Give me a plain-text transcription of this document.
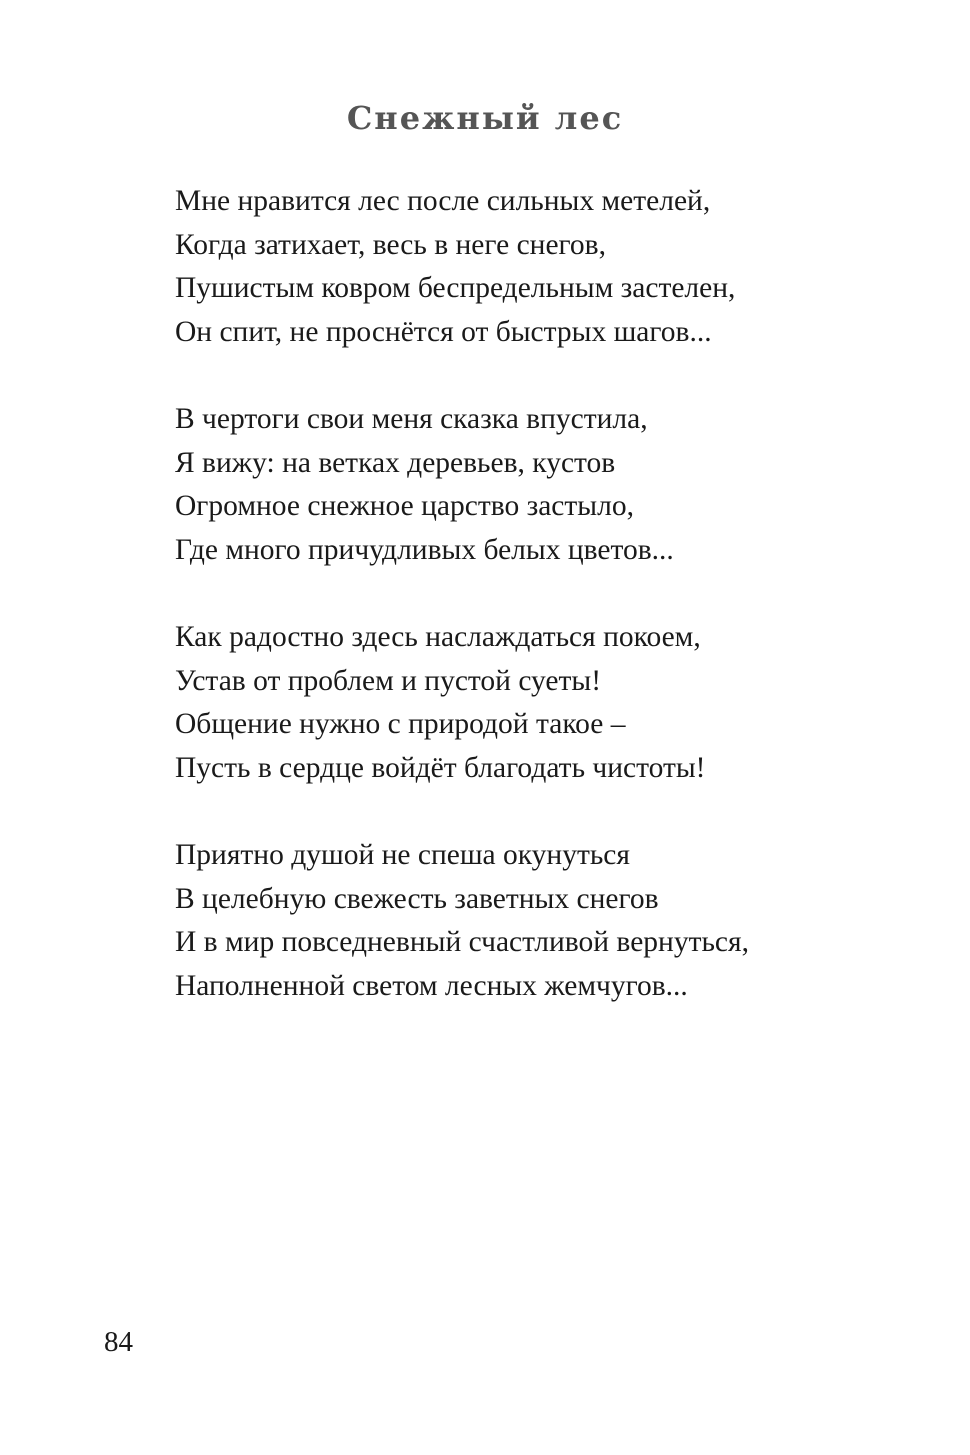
Снежный лес
Мне нравится лес после сильных метелей,
Когда затихает, весь в неге снегов,
Пушистым ковром беспредельным застелен,
Он спит, не проснётся от быстрых шагов...
В чертоги свои меня сказка впустила,
Я вижу: на ветках деревьев, кустов
Огромное снежное царство застыло,
Где много причудливых белых цветов...
Как радостно здесь наслаждаться покоем,
Устав от проблем и пустой суеты!
Общение нужно с природой такое –
Пусть в сердце войдёт благодать чистоты!
Приятно душой не спеша окунуться
В целебную свежесть заветных снегов
И в мир повседневный счастливой вернуться,
Наполненной светом лесных жемчугов...
84
